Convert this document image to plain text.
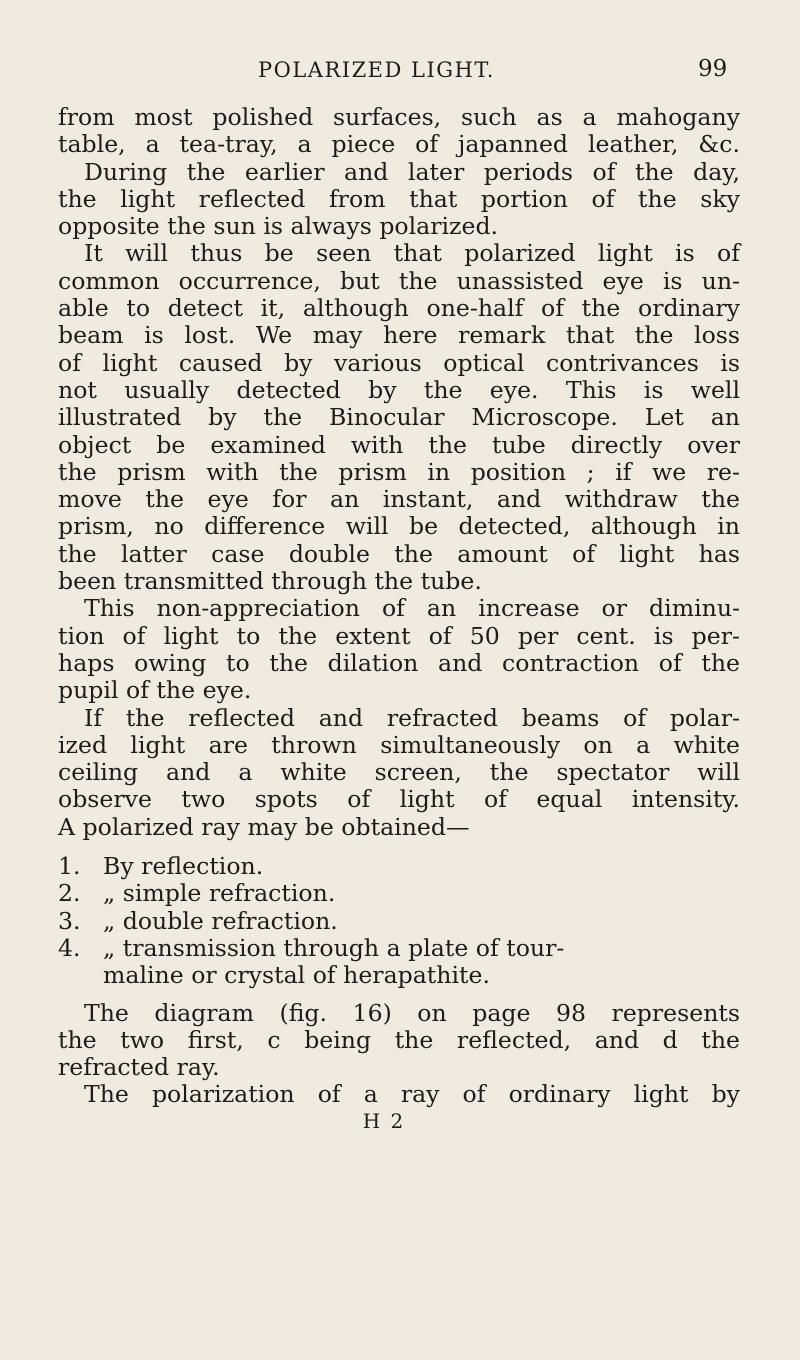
POLARIZED LIGHT.	99
from most polished surfaces, such as a mahogany
table, a tea-tray, a piece of japanned leather, &c.
During the earlier and later periods of the day,
the light reflected from that portion of the sky
opposite the sun is always polarized.
It will thus be seen that polarized light is of
common occurrence, but the unassisted eye is un-
able to detect it, although one-half of the ordinary
beam is lost. We may here remark that the loss
of light caused by various optical contrivances is
not usually detected by the eye. This is well
illustrated by the Binocular Microscope. Let an
object be examined with the tube directly over
the prism with the prism in position ; if we re-
move the eye for an instant, and withdraw the
prism, no difference will be detected, although in
the latter case double the amount of light has
been transmitted through the tube.
This non-appreciation of an increase or diminu-
tion of light to the extent of 50 per cent. is per-
haps owing to the dilation and contraction of the
pupil of the eye.
If the reflected and refracted beams of polar-
ized light are thrown simultaneously on a white
ceiling and a white screen, the spectator will
observe two spots of light of equal intensity.
A polarized ray may be obtained—
1. By reflection.
2. „ simple refraction.
3. „ double refraction.
4. „ transmission through a plate of tour-
maline or crystal of herapathite.
The diagram (fig. 16) on page 98 represents
the two first, c being the reflected, and d the
refracted ray.
The polarization of a ray of ordinary light by
H 2
